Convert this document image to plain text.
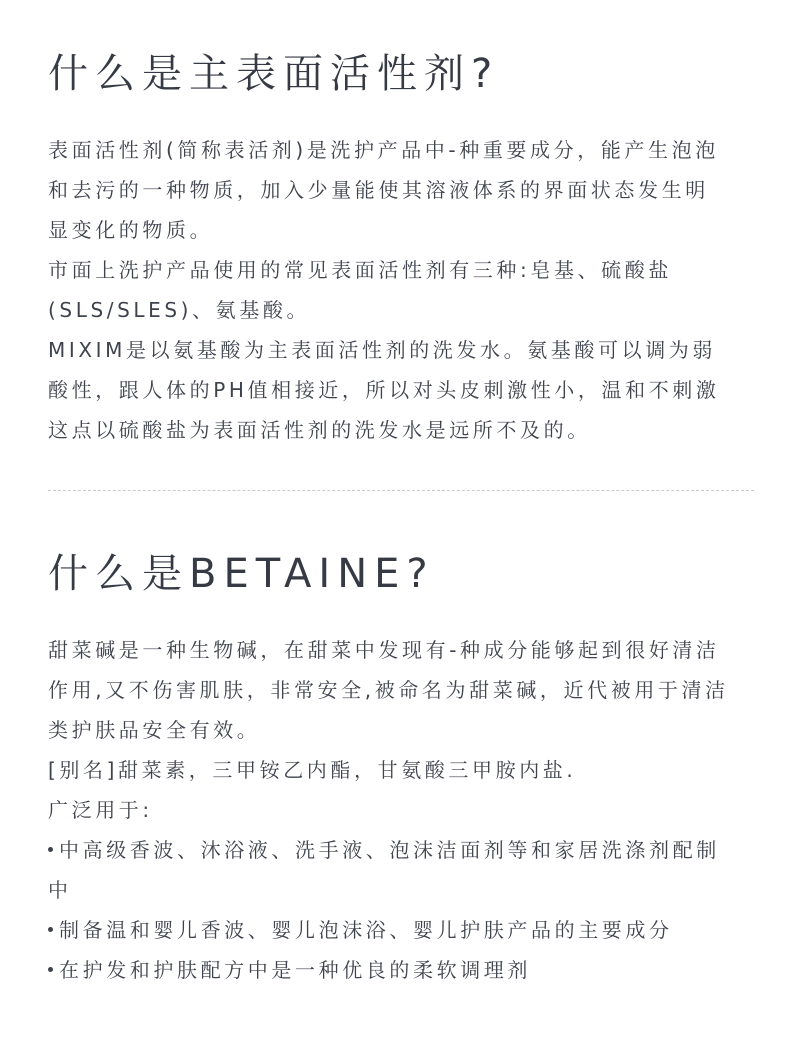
什么是主表面活性剂?
表面活性剂(简称表活剂)是洗护产品中-种重要成分，能产生泡泡
和去污的一种物质，加入少量能使其溶液体系的界面状态发生明
显变化的物质。
市面上洗护产品使用的常见表面活性剂有三种:皂基、硫酸盐
(SLS/SLES)、氨基酸。
MIXIM是以氨基酸为主表面活性剂的洗发水。氨基酸可以调为弱
酸性，跟人体的PH值相接近，所以对头皮刺激性小，温和不刺激
这点以硫酸盐为表面活性剂的洗发水是远所不及的。
什么是BETAINE?
甜菜碱是一种生物碱，在甜菜中发现有-种成分能够起到很好清洁
作用,又不伤害肌肤，非常安全,被命名为甜菜碱，近代被用于清洁
类护肤品安全有效。
[别名]甜菜素，三甲铵乙内酯，甘氨酸三甲胺内盐.
广泛用于:
中高级香波、沐浴液、洗手液、泡沫洁面剂等和家居洗涤剂配制
中
制备温和婴儿香波、婴儿泡沫浴、婴儿护肤产品的主要成分
在护发和护肤配方中是一种优良的柔软调理剂
